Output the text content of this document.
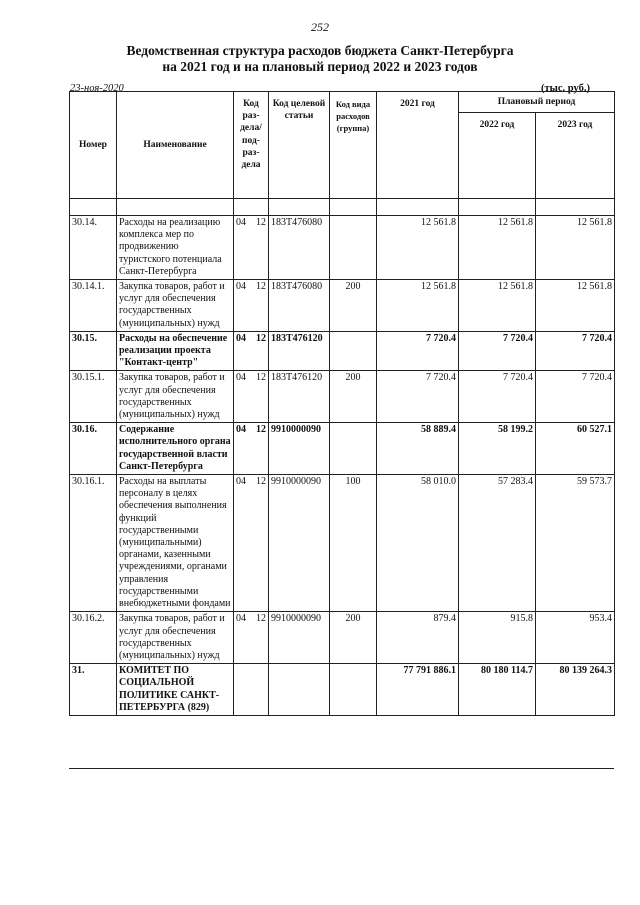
252
Ведомственная структура расходов бюджета Санкт-Петербурга
на 2021 год и на плановый период 2022 и 2023 годов
23-ноя-2020	(тыс. руб.)
Номер	Наименование	Код раз-дела/ под-раз-дела	Код целевой статьи	Код вида расходов (группа)	2021 год	Плановый период	
						2022 год	2023 год

30.14.	Расходы на реализацию комплекса мер по продвижению туристского потенциала Санкт-Петербурга	04 12	183Т476080		12 561.8	12 561.8	12 561.8
30.14.1.	Закупка товаров, работ и услуг для обеспечения государственных (муниципальных) нужд	04 12	183Т476080	200	12 561.8	12 561.8	12 561.8
30.15.	Расходы на обеспечение реализации проекта "Контакт-центр"	04 12	183Т476120		7 720.4	7 720.4	7 720.4
30.15.1.	Закупка товаров, работ и услуг для обеспечения государственных (муниципальных) нужд	04 12	183Т476120	200	7 720.4	7 720.4	7 720.4
30.16.	Содержание исполнительного органа государственной власти Санкт-Петербурга	04 12	9910000090		58 889.4	58 199.2	60 527.1
30.16.1.	Расходы на выплаты персоналу в целях обеспечения выполнения функций государственными (муниципальными) органами, казенными учреждениями, органами управления государственными внебюджетными фондами	04 12	9910000090	100	58 010.0	57 283.4	59 573.7
30.16.2.	Закупка товаров, работ и услуг для обеспечения государственных (муниципальных) нужд	04 12	9910000090	200	879.4	915.8	953.4
31.	КОМИТЕТ ПО СОЦИАЛЬНОЙ ПОЛИТИКЕ САНКТ-ПЕТЕРБУРГА (829)				77 791 886.1	80 180 114.7	80 139 264.3
